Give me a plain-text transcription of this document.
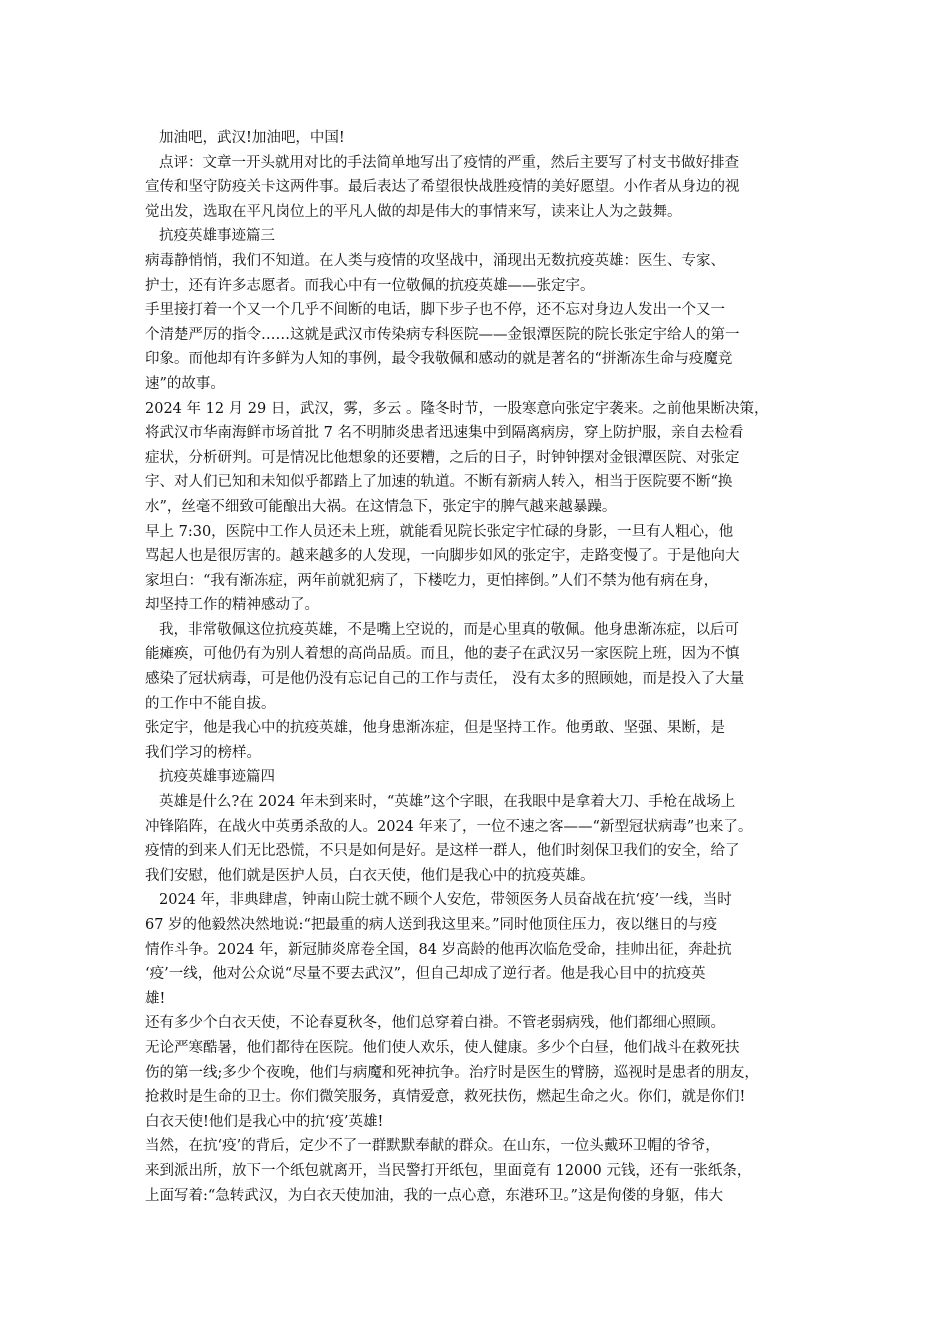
加油吧，武汉!加油吧，中国!
点评：文章一开头就用对比的手法简单地写出了疫情的严重，然后主要写了村支书做好排查
宣传和坚守防疫关卡这两件事。最后表达了希望很快战胜疫情的美好愿望。小作者从身边的视
觉出发，选取在平凡岗位上的平凡人做的却是伟大的事情来写，读来让人为之鼓舞。
抗疫英雄事迹篇三
病毒静悄悄，我们不知道。在人类与疫情的攻坚战中，涌现出无数抗疫英雄：医生、专家、
护士，还有许多志愿者。而我心中有一位敬佩的抗疫英雄——张定宇。
手里接打着一个又一个几乎不间断的电话，脚下步子也不停，还不忘对身边人发出一个又一
个清楚严厉的指令……这就是武汉市传染病专科医院——金银潭医院的院长张定宇给人的第一
印象。而他却有许多鲜为人知的事例，最令我敬佩和感动的就是著名的“拼渐冻生命与疫魔竞
速”的故事。
2024 年 12 月 29 日，武汉，雾，多云 。隆冬时节，一股寒意向张定宇袭来。之前他果断决策，
将武汉市华南海鲜市场首批 7 名不明肺炎患者迅速集中到隔离病房，穿上防护服，亲自去检看
症状，分析研判。可是情况比他想象的还要糟，之后的日子，时钟钟摆对金银潭医院、对张定
宇、对人们已知和未知似乎都踏上了加速的轨道。不断有新病人转入，相当于医院要不断“换
水”，丝毫不细致可能酿出大祸。在这情急下，张定宇的脾气越来越暴躁。
早上 7:30，医院中工作人员还未上班，就能看见院长张定宇忙碌的身影，一旦有人粗心，他
骂起人也是很厉害的。越来越多的人发现，一向脚步如风的张定宇，走路变慢了。于是他向大
家坦白：“我有渐冻症，两年前就犯病了，下楼吃力，更怕摔倒。”人们不禁为他有病在身，
却坚持工作的精神感动了。
我，非常敬佩这位抗疫英雄，不是嘴上空说的，而是心里真的敬佩。他身患渐冻症，以后可
能瘫痪，可他仍有为别人着想的高尚品质。而且，他的妻子在武汉另一家医院上班，因为不慎
感染了冠状病毒，可是他仍没有忘记自己的工作与责任， 没有太多的照顾她，而是投入了大量
的工作中不能自拔。
张定宇，他是我心中的抗疫英雄，他身患渐冻症，但是坚持工作。他勇敢、坚强、果断，是
我们学习的榜样。
抗疫英雄事迹篇四
英雄是什么?在 2024 年未到来时，“英雄”这个字眼，在我眼中是拿着大刀、手枪在战场上
冲锋陷阵，在战火中英勇杀敌的人。2024 年来了，一位不速之客——“新型冠状病毒”也来了。
疫情的到来人们无比恐慌，不只是如何是好。是这样一群人，他们时刻保卫我们的安全，给了
我们安慰，他们就是医护人员，白衣天使，他们是我心中的抗疫英雄。
2024 年，非典肆虐，钟南山院士就不顾个人安危，带领医务人员奋战在抗‘疫’一线，当时
67 岁的他毅然决然地说:“把最重的病人送到我这里来。”同时他顶住压力，夜以继日的与疫
情作斗争。2024 年，新冠肺炎席卷全国，84 岁高龄的他再次临危受命，挂帅出征，奔赴抗
‘疫’一线，他对公众说“尽量不要去武汉”，但自己却成了逆行者。他是我心目中的抗疫英
雄!
还有多少个白衣天使，不论春夏秋冬，他们总穿着白褂。不管老弱病残，他们都细心照顾。
无论严寒酷暑，他们都待在医院。他们使人欢乐，使人健康。多少个白昼，他们战斗在救死扶
伤的第一线;多少个夜晚，他们与病魔和死神抗争。治疗时是医生的臂膀，巡视时是患者的朋友，
抢救时是生命的卫士。你们微笑服务，真情爱意，救死扶伤，燃起生命之火。你们，就是你们!
白衣天使!他们是我心中的抗‘疫’英雄!
当然，在抗‘疫’的背后，定少不了一群默默奉献的群众。在山东，一位头戴环卫帽的爷爷，
来到派出所，放下一个纸包就离开，当民警打开纸包，里面竟有 12000 元钱，还有一张纸条，
上面写着:“急转武汉，为白衣天使加油，我的一点心意，东港环卫。”这是佝偻的身躯，伟大
